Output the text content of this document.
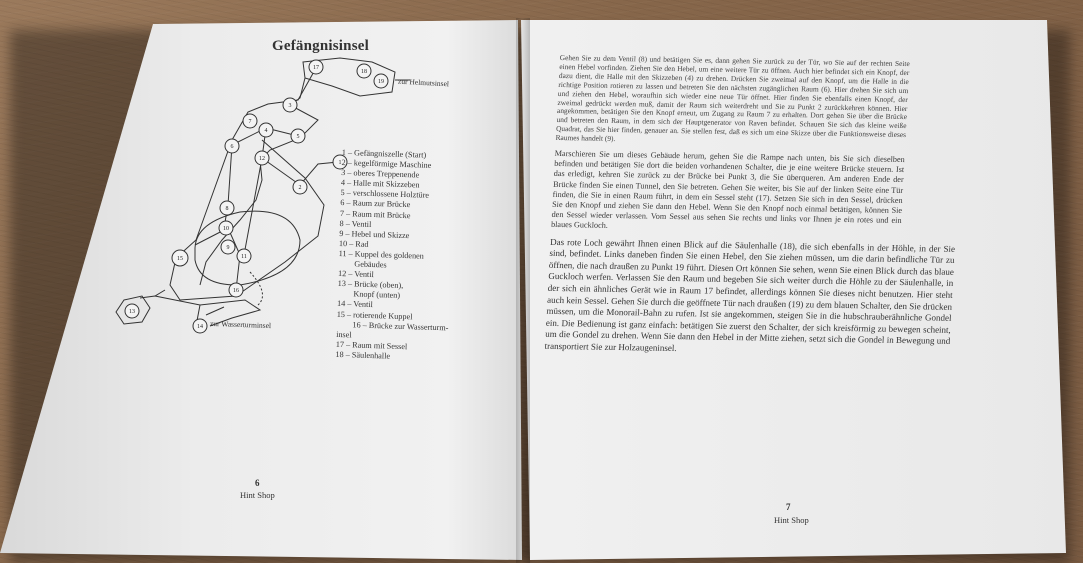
Gefängnisinsel
17
18
19
3
7
4
5
6
1
2
12
8
10
9
11
15
16
13
14
zur Helmutsinsel
zur Wasserturminsel
1 – Gefängniszelle (Start)
2 – kegelförmige Maschine
3 – oberes Treppenende
4 – Halle mit Skizzeben
5 – verschlossene Holztüre
6 – Raum zur Brücke
7 – Raum mit Brücke
8 – Ventil
9 – Hebel und Skizze
10 – Rad
11 – Kuppel des goldenen
Gebäudes
12 – Ventil
13 – Brücke (oben),
Knopf (unten)
14 – Ventil
15 – rotierende Kuppel
16 – Brücke zur Wasserturm-
insel
17 – Raum mit Sessel
18 – Säulenhalle
6
Hint Shop

Gehen Sie zu dem Ventil (8) und betätigen Sie es, dann gehen Sie zurück zu der Tür, wo Sie auf der rechten Seite einen Hebel vorfinden. Ziehen Sie den Hebel, um eine weitere Tür zu öffnen. Auch hier befindet sich ein Knopf, der dazu dient, die Halle mit den Skizzeben (4) zu drehen. Drücken Sie zweimal auf den Knopf, um die Halle in die richtige Position rotieren zu lassen und betreten Sie den nächsten zugänglichen Raum (6). Hier drehen Sie sich um und ziehen den Hebel, woraufhin sich wieder eine neue Tür öffnet. Hier finden Sie ebenfalls einen Knopf, der zweimal gedrückt werden muß, damit der Raum sich weiterdreht und Sie zu Punkt 2 zurückkehren können. Hier angekommen, betätigen Sie den Knopf erneut, um Zugang zu Raum 7 zu erhalten. Dort gehen Sie über die Brücke und betreten den Raum, in dem sich der Hauptgenerator von Raven befindet. Schauen Sie sich das kleine weiße Quadrat, das Sie hier finden, genauer an. Sie stellen fest, daß es sich um eine Skizze über die Funktionsweise dieses Raumes handelt (9).

Marschieren Sie um dieses Gebäude herum, gehen Sie die Rampe nach unten, bis Sie sich dieselben befinden und betätigen Sie dort die beiden vorhandenen Schalter, die je eine weitere Brücke steuern. Ist das erledigt, kehren Sie zurück zu der Brücke bei Punkt 3, die Sie überqueren. Am anderen Ende der Brücke finden Sie einen Tunnel, den Sie betreten. Gehen Sie weiter, bis Sie auf der linken Seite eine Tür finden, die Sie in einen Raum führt, in dem ein Sessel steht (17). Setzen Sie sich in den Sessel, drücken Sie den Knopf und ziehen Sie dann den Hebel. Wenn Sie den Knopf noch einmal betätigen, können Sie den Sessel wieder verlassen. Vom Sessel aus sehen Sie rechts und links vor Ihnen je ein rotes und ein blaues Guckloch.

Das rote Loch gewährt Ihnen einen Blick auf die Säulenhalle (18), die sich ebenfalls in der Höhle, in der Sie sind, befindet. Links daneben finden Sie einen Hebel, den Sie ziehen müssen, um die darin befindliche Tür zu öffnen, die nach draußen zu Punkt 19 führt. Diesen Ort können Sie sehen, wenn Sie einen Blick durch das blaue Guckloch werfen. Verlassen Sie den Raum und begeben Sie sich weiter durch die Höhle zu der Säulenhalle, in der sich ein ähnliches Gerät wie in Raum 17 befindet, allerdings können Sie dieses nicht benutzen. Hier steht auch kein Sessel. Gehen Sie durch die geöffnete Tür nach draußen (19) zu dem blauen Schalter, den Sie drücken müssen, um die Monorail-Bahn zu rufen. Ist sie angekommen, steigen Sie in die hubschrauberähnliche Gondel ein. Die Bedienung ist ganz einfach: betätigen Sie zuerst den Schalter, der sich kreisförmig zu bewegen scheint, um die Gondel zu drehen. Wenn Sie dann den Hebel in der Mitte ziehen, setzt sich die Gondel in Bewegung und transportiert Sie zur Holzaugeninsel.

7
Hint Shop
